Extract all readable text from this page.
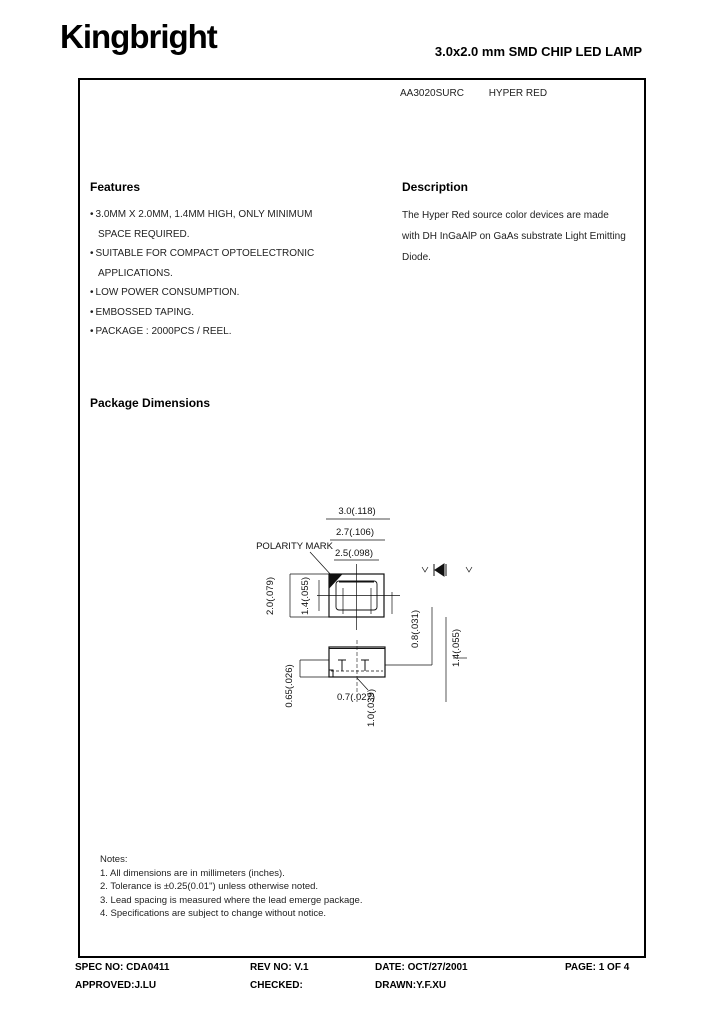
Kingbright	3.0x2.0 mm SMD CHIP LED LAMP
AA3020SURC HYPER RED
Features
• 3.0MM X 2.0MM, 1.4MM HIGH, ONLY MINIMUM
SPACE REQUIRED.
• SUITABLE FOR COMPACT OPTOELECTRONIC
APPLICATIONS.
• LOW POWER CONSUMPTION.
• EMBOSSED TAPING.
• PACKAGE : 2000PCS / REEL.
Description
The Hyper Red source color devices are made
with DH InGaAlP on GaAs substrate Light Emitting
Diode.
Package Dimensions
3.0(.118)
2.7(.106)
2.5(.098)
POLARITY MARK
2.0(.079)	1.4(.055)
0.65(.026)	0.7(.027)
1.0(.039)
0.8(.031)	1.4(.055)
Notes:
1. All dimensions are in millimeters (inches).
2. Tolerance is ±0.25(0.01") unless otherwise noted.
3. Lead spacing is measured where the lead emerge package.
4. Specifications are subject to change without notice.
SPEC NO: CDA0411	REV NO: V.1	DATE: OCT/27/2001	PAGE: 1 OF 4
APPROVED:J.LU	CHECKED:	DRAWN:Y.F.XU
